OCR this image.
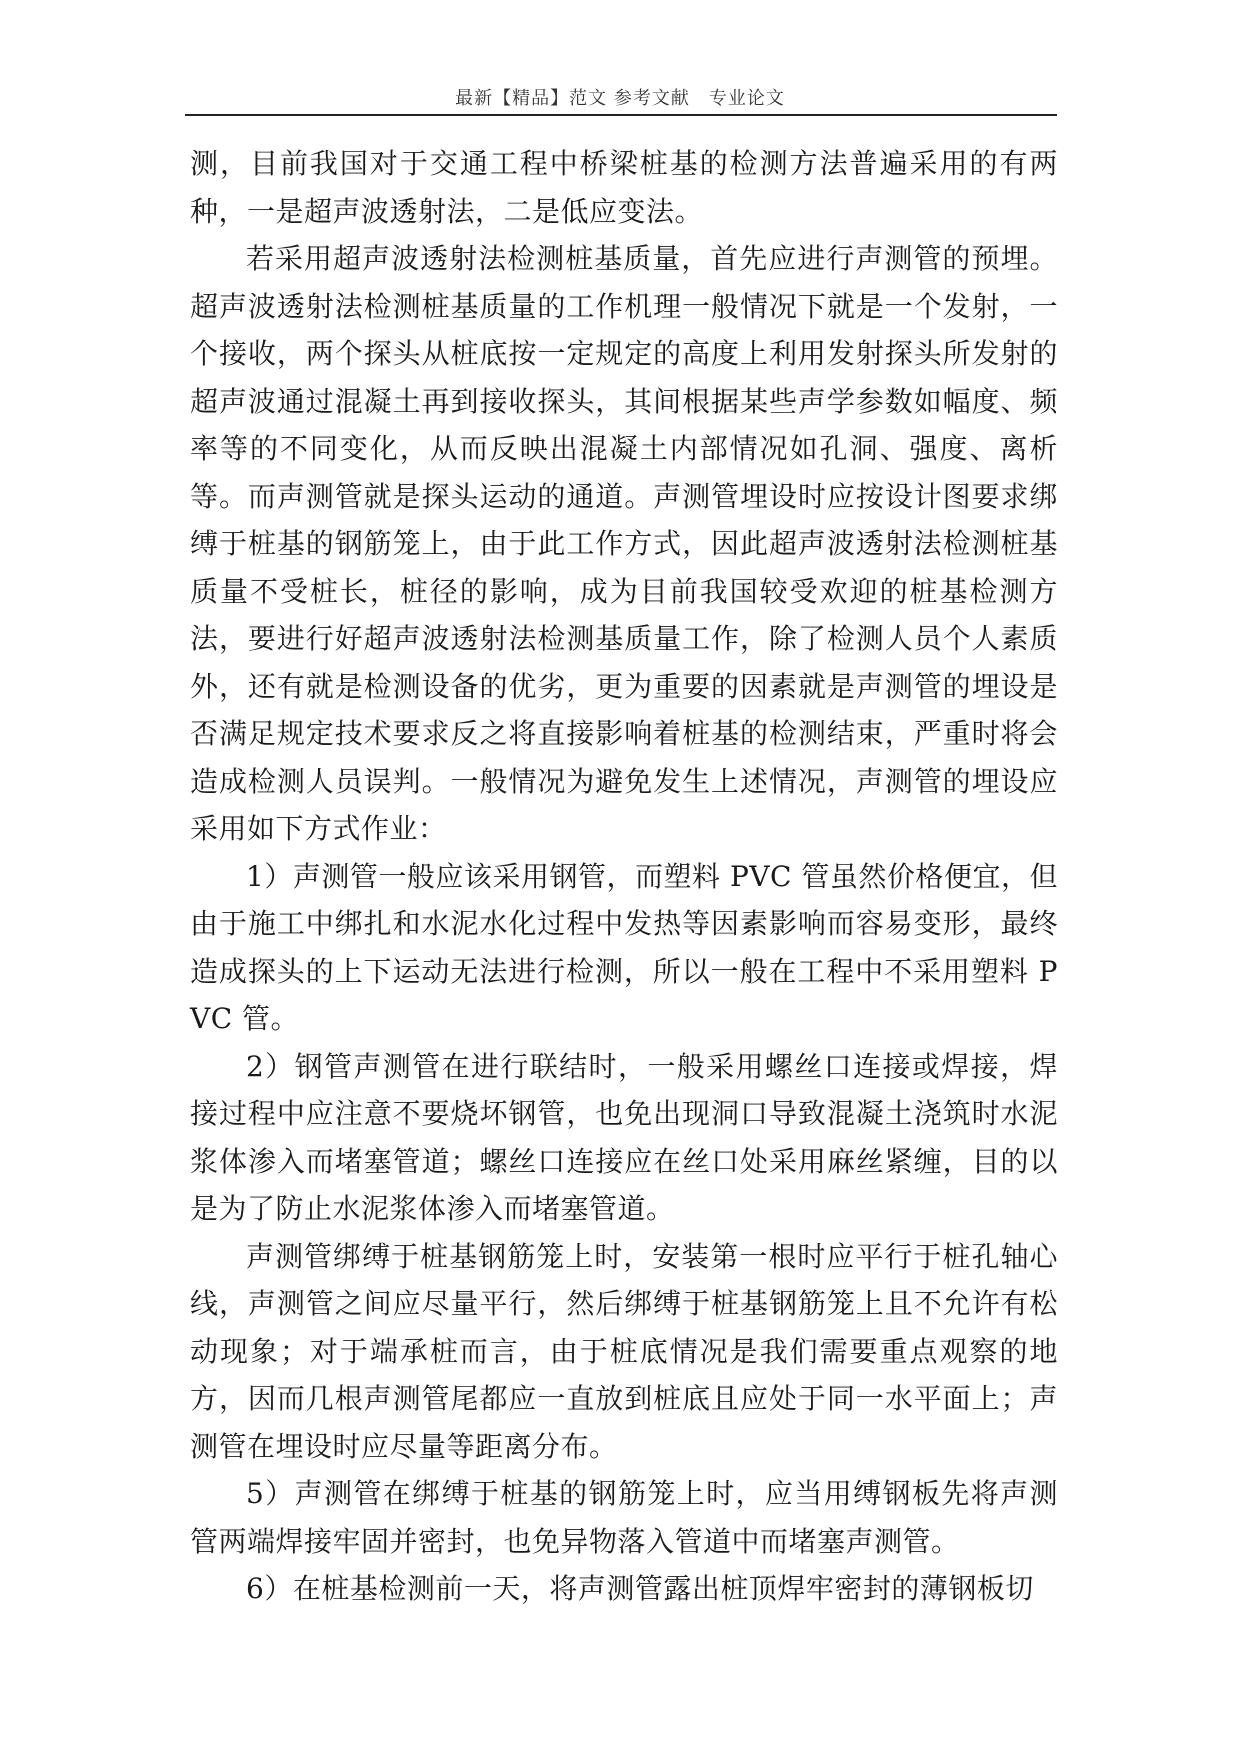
最新【精品】范文 参考文献　专业论文

测，目前我国对于交通工程中桥梁桩基的检测方法普遍采用的有两种，一是超声波透射法，二是低应变法。

若采用超声波透射法检测桩基质量，首先应进行声测管的预埋。超声波透射法检测桩基质量的工作机理一般情况下就是一个发射，一个接收，两个探头从桩底按一定规定的高度上利用发射探头所发射的超声波通过混凝土再到接收探头，其间根据某些声学参数如幅度、频率等的不同变化，从而反映出混凝土内部情况如孔洞、强度、离析等。而声测管就是探头运动的通道。声测管埋设时应按设计图要求绑缚于桩基的钢筋笼上，由于此工作方式，因此超声波透射法检测桩基质量不受桩长，桩径的影响，成为目前我国较受欢迎的桩基检测方法，要进行好超声波透射法检测基质量工作，除了检测人员个人素质外，还有就是检测设备的优劣，更为重要的因素就是声测管的埋设是否满足规定技术要求反之将直接影响着桩基的检测结束，严重时将会造成检测人员误判。一般情况为避免发生上述情况，声测管的埋设应采用如下方式作业：

1）声测管一般应该采用钢管，而塑料 PVC 管虽然价格便宜，但由于施工中绑扎和水泥水化过程中发热等因素影响而容易变形，最终造成探头的上下运动无法进行检测，所以一般在工程中不采用塑料 PVC 管。

2）钢管声测管在进行联结时，一般采用螺丝口连接或焊接，焊接过程中应注意不要烧坏钢管，也免出现洞口导致混凝土浇筑时水泥浆体渗入而堵塞管道；螺丝口连接应在丝口处采用麻丝紧缠，目的以是为了防止水泥浆体渗入而堵塞管道。

声测管绑缚于桩基钢筋笼上时，安装第一根时应平行于桩孔轴心线，声测管之间应尽量平行，然后绑缚于桩基钢筋笼上且不允许有松动现象；对于端承桩而言，由于桩底情况是我们需要重点观察的地方，因而几根声测管尾都应一直放到桩底且应处于同一水平面上；声测管在埋设时应尽量等距离分布。

5）声测管在绑缚于桩基的钢筋笼上时，应当用缚钢板先将声测管两端焊接牢固并密封，也免异物落入管道中而堵塞声测管。

6）在桩基检测前一天，将声测管露出桩顶焊牢密封的薄钢板切
